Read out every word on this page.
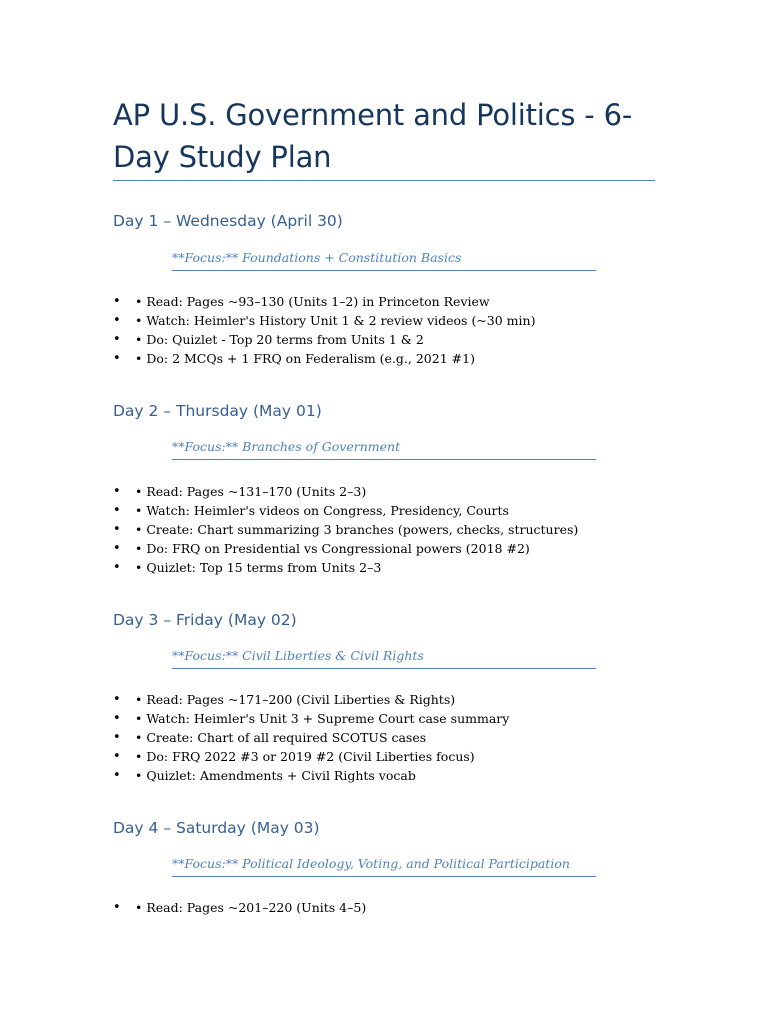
AP U.S. Government and Politics - 6-Day Study Plan
Day 1 – Wednesday (April 30)
**Focus:** Foundations + Constitution Basics
• • Read: Pages ~93–130 (Units 1–2) in Princeton Review
• • Watch: Heimler's History Unit 1 & 2 review videos (~30 min)
• • Do: Quizlet - Top 20 terms from Units 1 & 2
• • Do: 2 MCQs + 1 FRQ on Federalism (e.g., 2021 #1)
Day 2 – Thursday (May 01)
**Focus:** Branches of Government
• • Read: Pages ~131–170 (Units 2–3)
• • Watch: Heimler's videos on Congress, Presidency, Courts
• • Create: Chart summarizing 3 branches (powers, checks, structures)
• • Do: FRQ on Presidential vs Congressional powers (2018 #2)
• • Quizlet: Top 15 terms from Units 2–3
Day 3 – Friday (May 02)
**Focus:** Civil Liberties & Civil Rights
• • Read: Pages ~171–200 (Civil Liberties & Rights)
• • Watch: Heimler's Unit 3 + Supreme Court case summary
• • Create: Chart of all required SCOTUS cases
• • Do: FRQ 2022 #3 or 2019 #2 (Civil Liberties focus)
• • Quizlet: Amendments + Civil Rights vocab
Day 4 – Saturday (May 03)
**Focus:** Political Ideology, Voting, and Political Participation
• • Read: Pages ~201–220 (Units 4–5)
